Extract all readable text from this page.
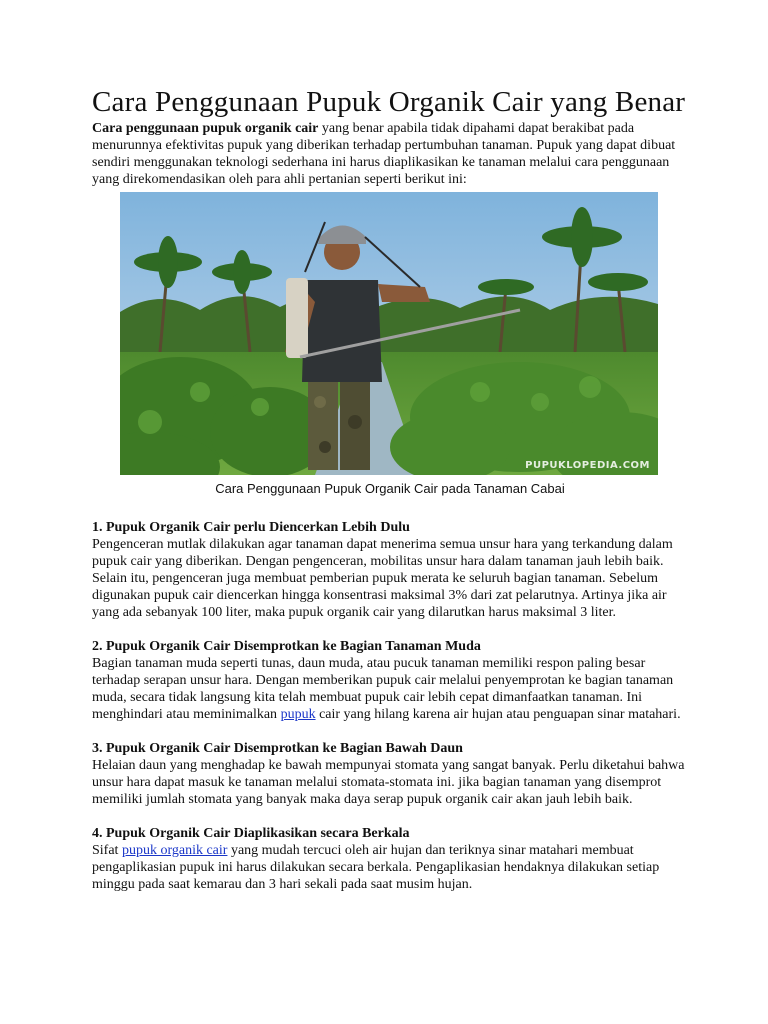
Cara Penggunaan Pupuk Organik Cair yang Benar

Cara penggunaan pupuk organik cair yang benar apabila tidak dipahami dapat berakibat pada menurunnya efektivitas pupuk yang diberikan terhadap pertumbuhan tanaman. Pupuk yang dapat dibuat sendiri menggunakan teknologi sederhana ini harus diaplikasikan ke tanaman melalui cara penggunaan yang direkomendasikan oleh para ahli pertanian seperti berikut ini:

PUPUKLOPEDIA.COM
Cara Penggunaan Pupuk Organik Cair pada Tanaman Cabai
1. Pupuk Organik Cair perlu Diencerkan Lebih Dulu

Pengenceran mutlak dilakukan agar tanaman dapat menerima semua unsur hara yang terkandung dalam pupuk cair yang diberikan. Dengan pengenceran, mobilitas unsur hara dalam tanaman jauh lebih baik. Selain itu, pengenceran juga membuat pemberian pupuk merata ke seluruh bagian tanaman. Sebelum digunakan pupuk cair diencerkan hingga konsentrasi maksimal 3% dari zat pelarutnya. Artinya jika air yang ada sebanyak 100 liter, maka pupuk organik cair yang dilarutkan harus maksimal 3 liter.

2. Pupuk Organik Cair Disemprotkan ke Bagian Tanaman Muda

Bagian tanaman muda seperti tunas, daun muda, atau pucuk tanaman memiliki respon paling besar terhadap serapan unsur hara. Dengan memberikan pupuk cair melalui penyemprotan ke bagian tanaman muda, secara tidak langsung kita telah membuat pupuk cair lebih cepat dimanfaatkan tanaman. Ini menghindari atau meminimalkan pupuk cair yang hilang karena air hujan atau penguapan sinar matahari.

3. Pupuk Organik Cair Disemprotkan ke Bagian Bawah Daun

Helaian daun yang menghadap ke bawah mempunyai stomata yang sangat banyak. Perlu diketahui bahwa unsur hara dapat masuk ke tanaman melalui stomata-stomata ini. jika bagian tanaman yang disemprot memiliki jumlah stomata yang banyak maka daya serap pupuk organik cair akan jauh lebih baik.

4. Pupuk Organik Cair Diaplikasikan secara Berkala

Sifat pupuk organik cair yang mudah tercuci oleh air hujan dan teriknya sinar matahari membuat pengaplikasian pupuk ini harus dilakukan secara berkala. Pengaplikasian hendaknya dilakukan setiap minggu pada saat kemarau dan 3 hari sekali pada saat musim hujan.
